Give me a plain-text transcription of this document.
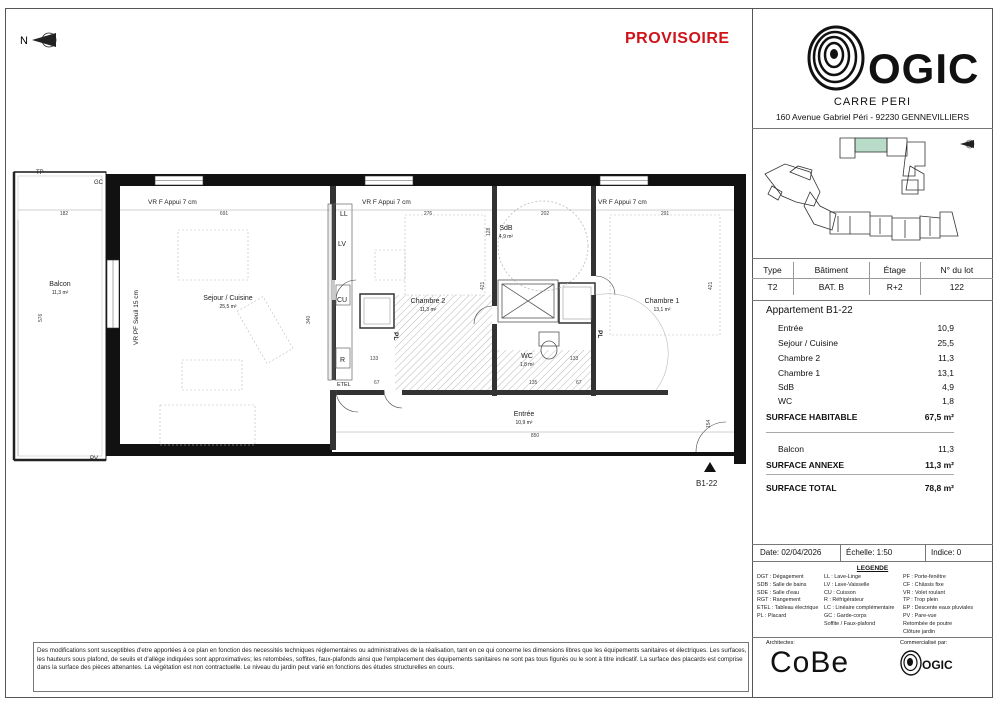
N	PROVISOIRE
OGIC
CARRE PERI
160 Avenue Gabriel Péri - 92230 GENNEVILLIERS
Type	Bâtiment	Étage	N° du lot
T2	BAT. B	R+2	122
Appartement B1-22
Entrée	10,9
Sejour / Cuisine	25,5
Chambre 2	11,3
Chambre 1	13,1
SdB	4,9
WC	1,8
SURFACE HABITABLE	67,5 m²
Balcon	11,3
SURFACE ANNEXE	11,3 m²
SURFACE TOTAL	78,8 m²
Date: 02/04/2026	Échelle: 1:50	Indice: 0
LEGENDE
DGT : Dégagement
SDB : Salle de bains
SDE : Salle d'eau
RGT : Rangement
ETEL : Tableau électrique
PL : Placard
LL : Lave-Linge
LV : Lave-Vaisselle
CU : Cuisson
R : Réfrigérateur
LC : Linéaire complémentaire
GC : Garde-corps
Soffite / Faux-plafond
PF : Porte-fenêtre
CF : Châssis fixe
VR : Volet roulant
TP : Trop plein
EP : Descente eaux pluviales
PV : Pare-vue
Retombée de poutre
Clôture jardin
Des modifications sont susceptibles d'etre apportées à ce plan en fonction des necessités techniques réglementaires ou administratives de la réalisation, tant en ce qui concerne les dimensions libres que les équipements sanitaires et électriques. Les surfaces, les hauteurs sous plafond, de seuils et d'allège indiquées sont approximatives; les retombées, soffites, faux-plafonds ainsi que l'emplacement des équipements sanitaires ne sont pas tous figurés ou le sont à titre indicatif. La surface des placards est comprise dans la surface des pièces attenantes. La végétation est non contractuelle. Le niveau du jardin peut varié en fonctions des études structurelles en cours.
Architectes:
CoBe
Commercialisé par:
OGIC
TP
GC
PV
VR F Appui 7 cm	VR F Appui 7 cm	VR F Appui 7 cm
VR PF Seuil 15 cm
LL
LV
CU
R
ETEL
PL	PL
Balcon
11,3 m²
Sejour / Cuisine
25,5 m²
Chambre 2
11,3 m²
Chambre 1
13,1 m²
SdB
4,9 m²
WC
1,8 m²
Entrée
10,9 m²
691	276	202	291
182
850
133	133
67	67
135
421	421
340
576
128
154
B1-22
